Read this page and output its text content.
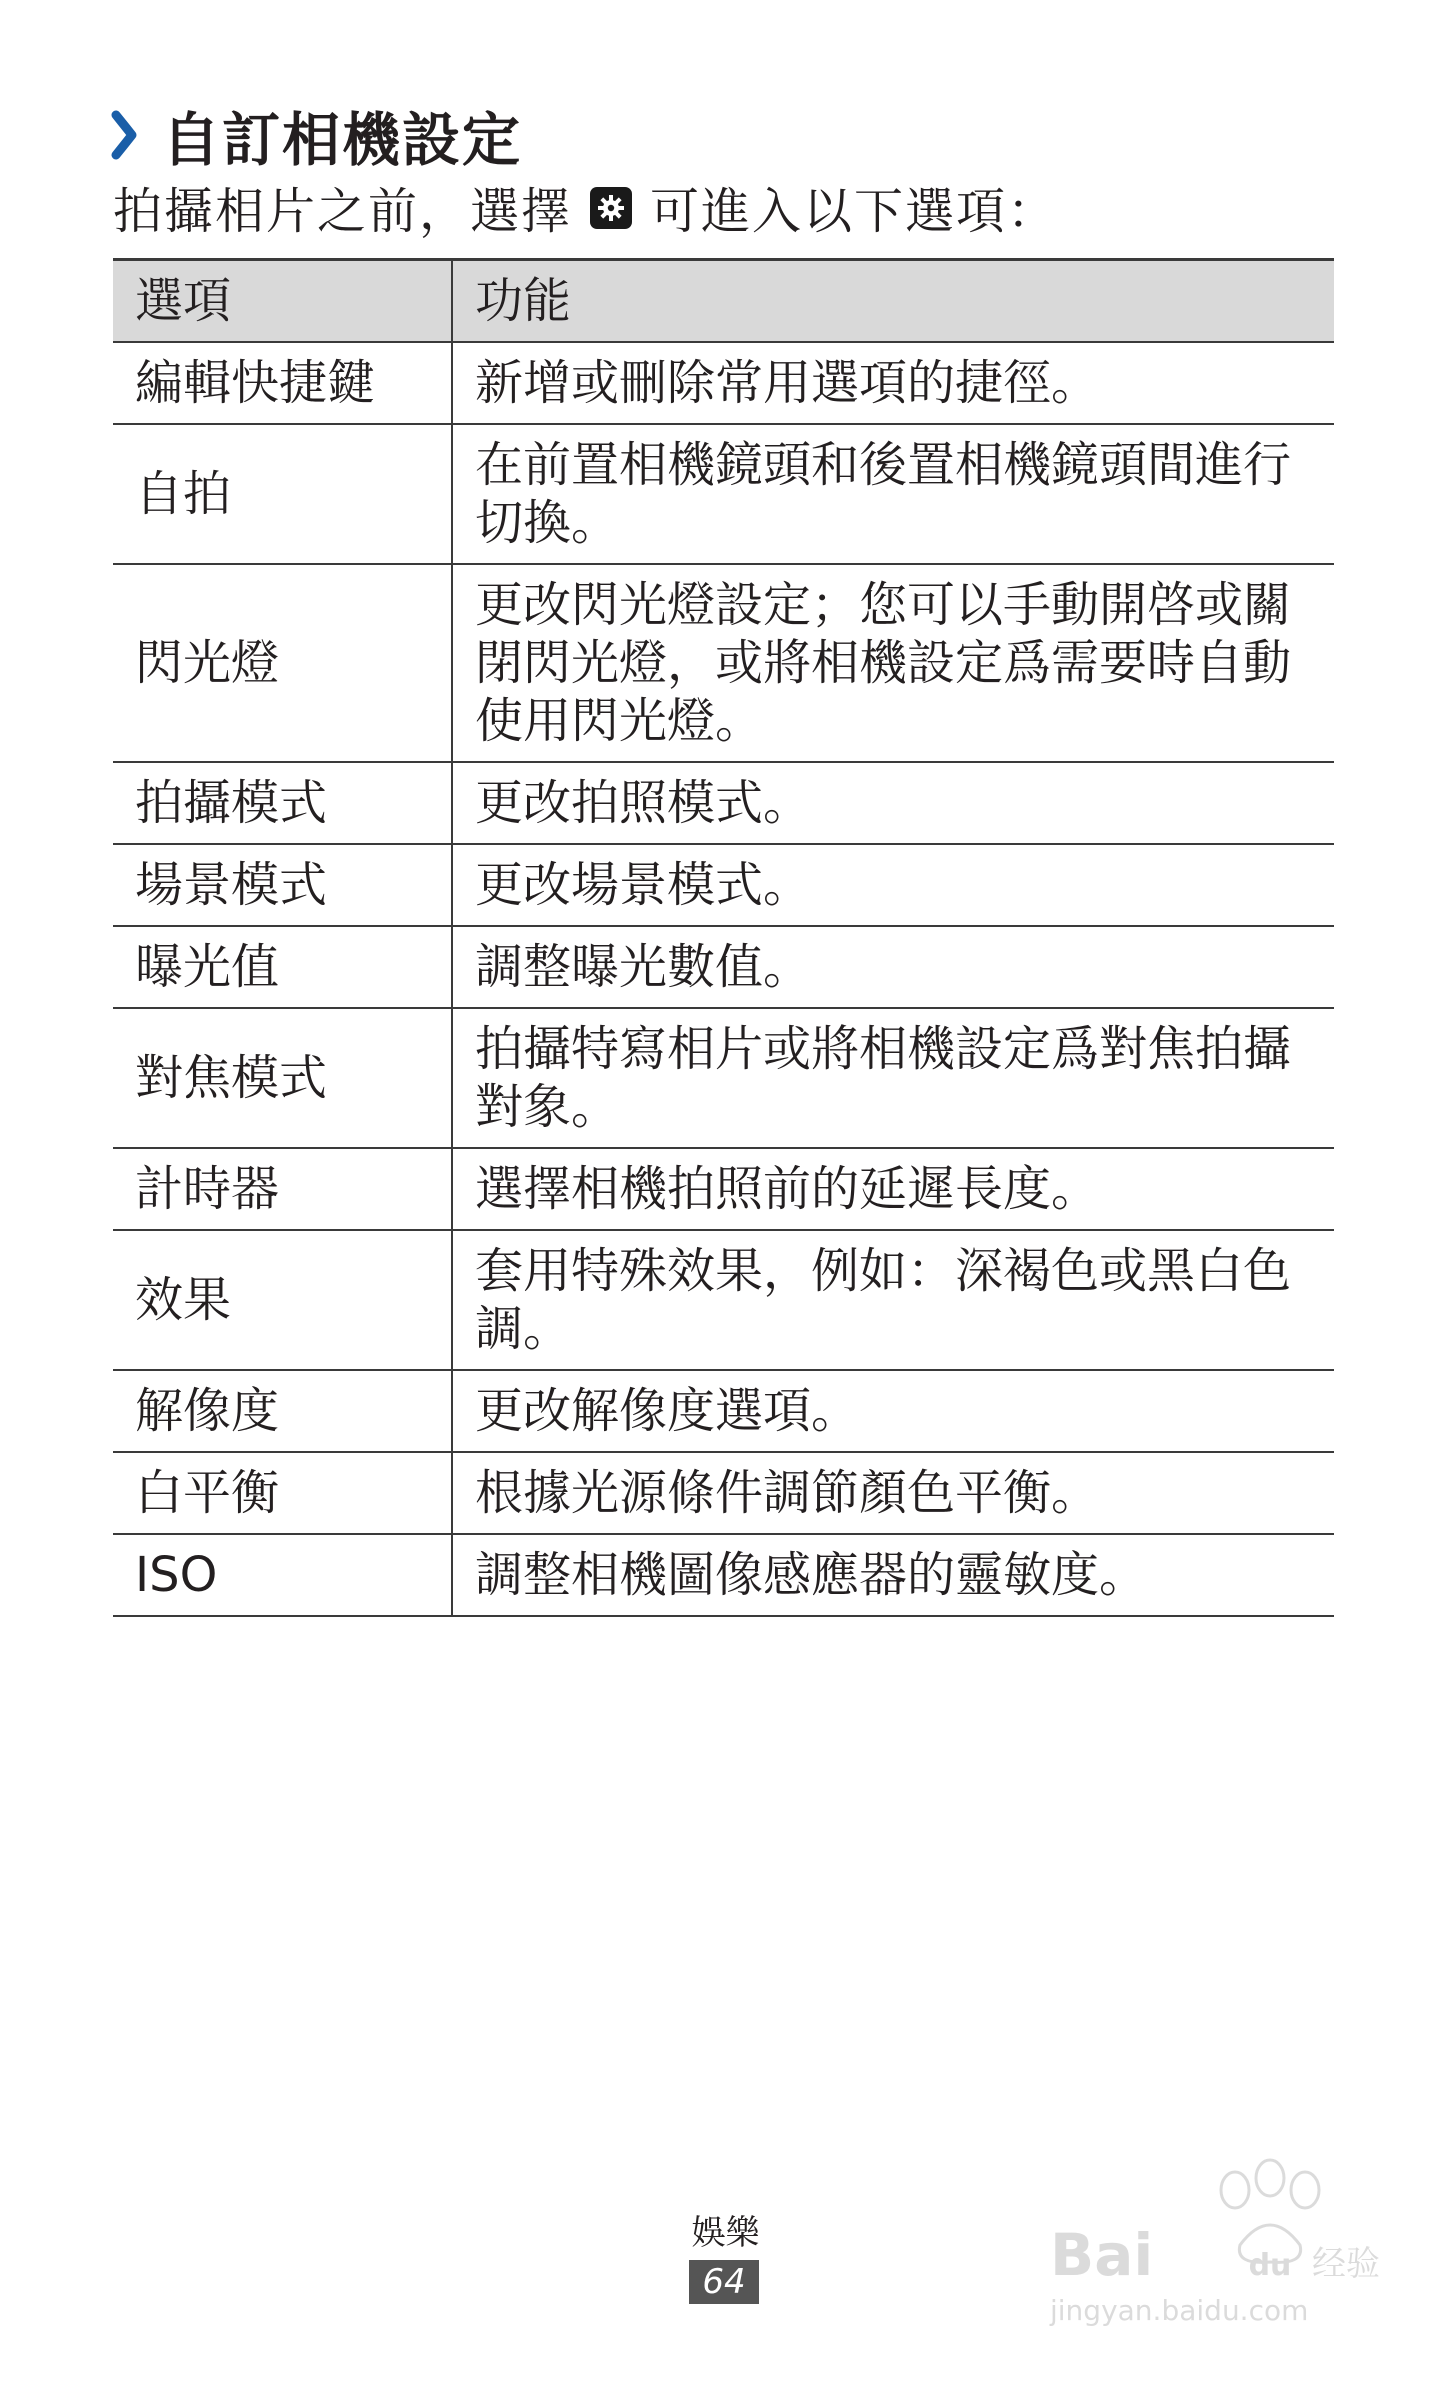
自訂相機設定
拍攝相片之前，選擇 可進入以下選項：
選項	功能
編輯快捷鍵	新增或刪除常用選項的捷徑。
自拍	在前置相機鏡頭和後置相機鏡頭間進行切換。
閃光燈	更改閃光燈設定；您可以手動開啓或關閉閃光燈，或將相機設定爲需要時自動使用閃光燈。
拍攝模式	更改拍照模式。
場景模式	更改場景模式。
曝光值	調整曝光數值。
對焦模式	拍攝特寫相片或將相機設定爲對焦拍攝對象。
計時器	選擇相機拍照前的延遲長度。
效果	套用特殊效果，例如：深褐色或黑白色調。
解像度	更改解像度選項。
白平衡	根據光源條件調節顏色平衡。
ISO	調整相機圖像感應器的靈敏度。
娛樂
64	Bai	du 经验
jingyan.baidu.com
